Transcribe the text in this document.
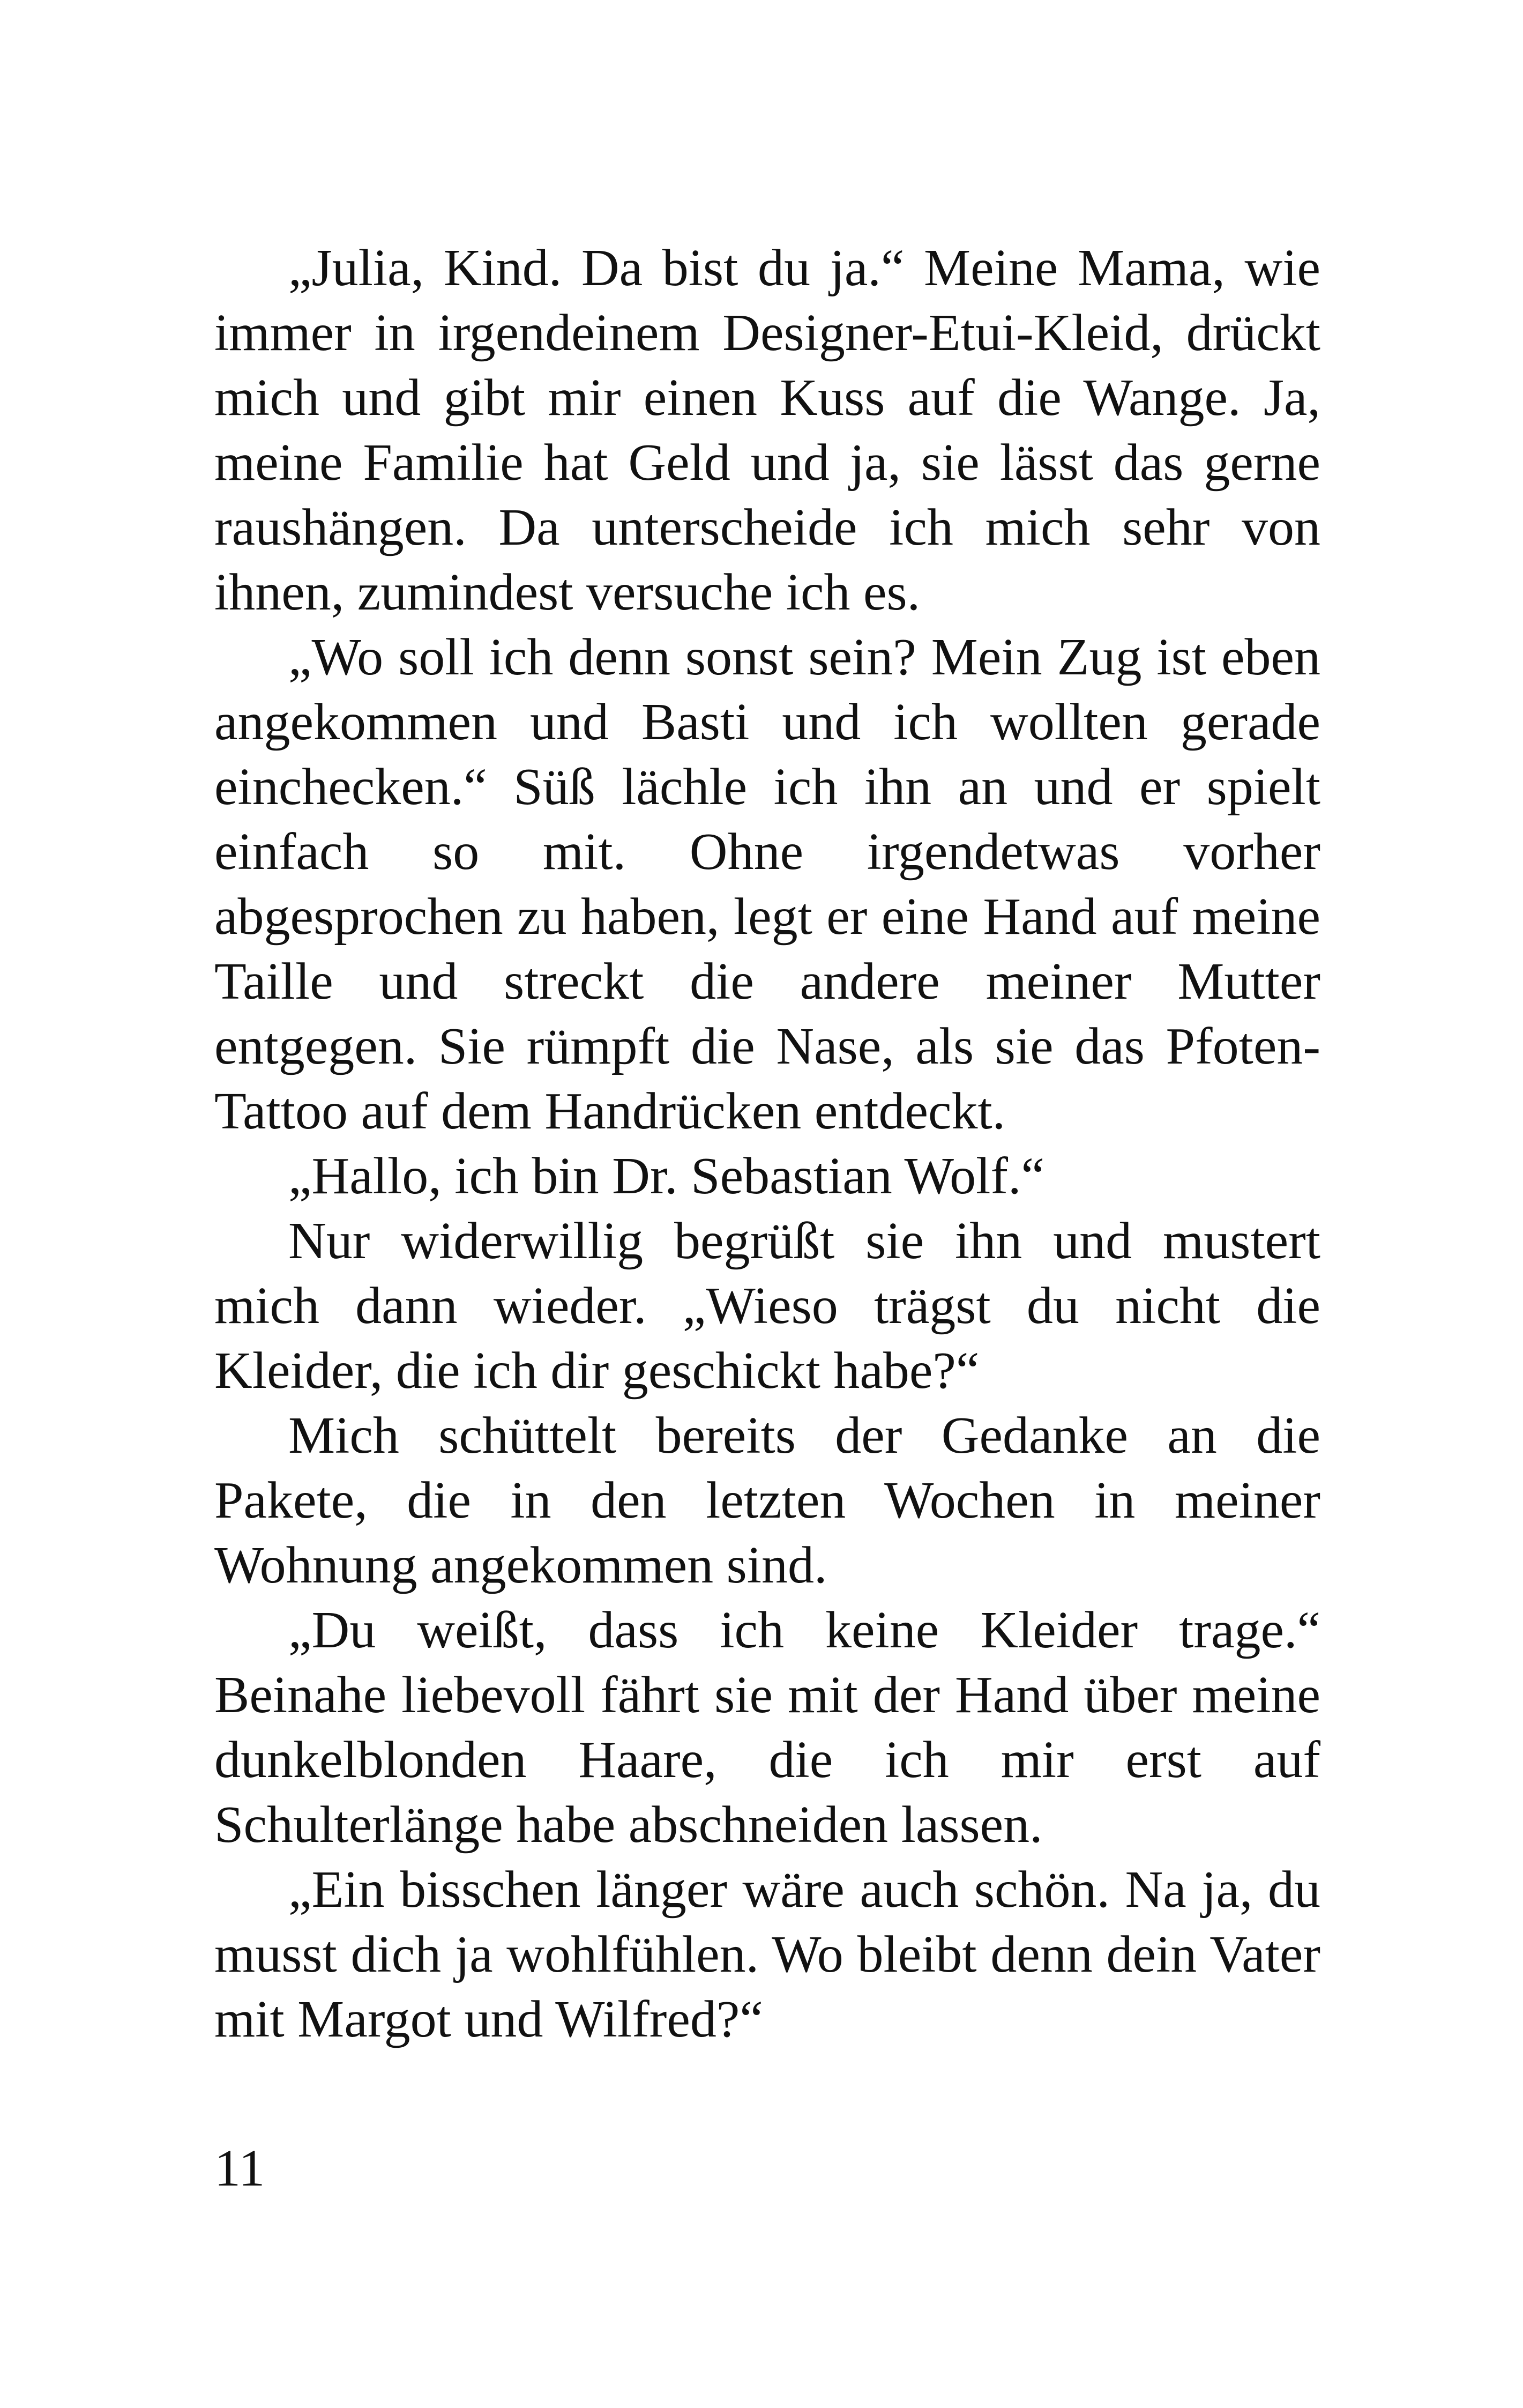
„Julia, Kind. Da bist du ja.“ Meine Mama, wie immer in irgendeinem Designer-Etui-Kleid, drückt mich und gibt mir einen Kuss auf die Wange. Ja, meine Familie hat Geld und ja, sie lässt das gerne raushängen. Da unterscheide ich mich sehr von ihnen, zumindest versuche ich es.

„Wo soll ich denn sonst sein? Mein Zug ist eben angekommen und Basti und ich wollten gerade einchecken.“ Süß lächle ich ihn an und er spielt einfach so mit. Ohne irgendetwas vorher abgesprochen zu haben, legt er eine Hand auf meine Taille und streckt die andere meiner Mutter entgegen. Sie rümpft die Nase, als sie das Pfoten-Tattoo auf dem Handrücken entdeckt.

„Hallo, ich bin Dr. Sebastian Wolf.“

Nur widerwillig begrüßt sie ihn und mustert mich dann wieder. „Wieso trägst du nicht die Kleider, die ich dir geschickt habe?“

Mich schüttelt bereits der Gedanke an die Pakete, die in den letzten Wochen in meiner Wohnung angekommen sind.

„Du weißt, dass ich keine Kleider trage.“ Beinahe liebevoll fährt sie mit der Hand über meine dunkelblonden Haare, die ich mir erst auf Schulterlänge habe abschneiden lassen.

„Ein bisschen länger wäre auch schön. Na ja, du musst dich ja wohlfühlen. Wo bleibt denn dein Vater mit Margot und Wilfred?“

11
